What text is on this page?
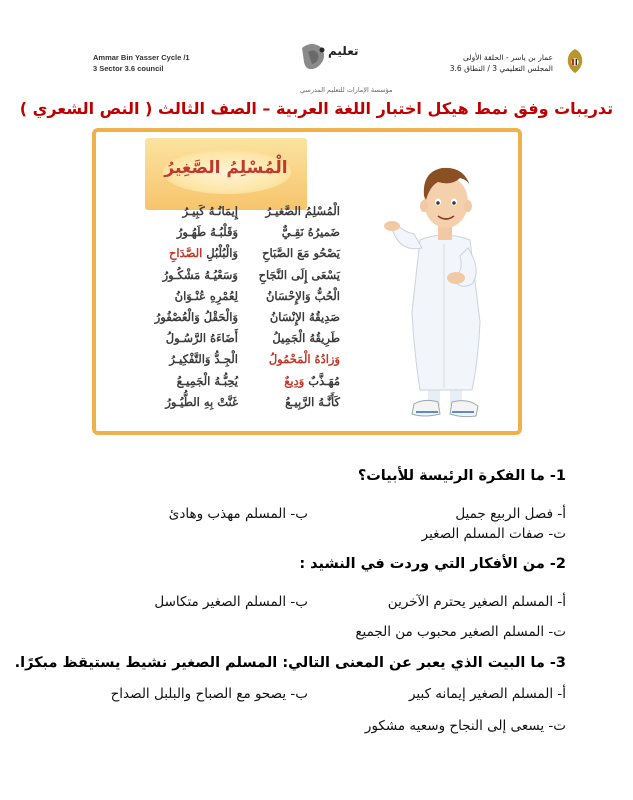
Ammar Bin Yasser Cycle /1
3 Sector 3.6 council
تعليم
مؤسسة الإمارات للتعليم المدرسي
عمار بن ياسر - الحلقة الأولى
المجلس التعليمي 3 / النطاق 3.6
تدريبات وفق نمط هيكل اختبار اللغة العربية – الصف الثالث ( النص الشعري )
الْمُسْلِمُ الصَّغِيرُ
الْمُسْلِمُ الصَّغيـرُ
إِيمَانُـهُ كَبِيـرُ
ضَميرُهُ نَقِـيٌّ
وَقَلْبُـهُ طَهُـورُ
يَصْحُو مَعَ الصَّبَاحِ
وَالْبُلْبُلِ الصَّدَاحِ
يَسْعَى إِلَى النَّجَاحِ
وَسَعْيُـهُ مَشْكُـورُ
الْحُبُّ وَالإِحْسَانُ
لِعُمْرِهِ عُنْـوَانُ
صَدِيقُهُ الإِنْسَانُ
وَالْحَقْلُ وَالْعُصْفُورُ
طَرِيقُهُ الْجَمِيلُ
أَضَاءَهُ الرَّسُـولُ
وَزادُهُ الْمَحْمُولُ
الْجِـدُّ وَالتَّفْكِيـرُ
مُهَـذَّبٌ وَدِيعٌ
يُحِبُّـهُ الْجَمِيـعُ
كَأَنَّـهُ الرَّبِيـعُ
غَنَّتْ بِهِ الطُّيُـورُ
1- ما الفكرة الرئيسة للأبيات؟
أ- فصل الربيع جميل
ب- المسلم مهذب وهادئ
ت- صفات المسلم الصغير
2- من الأفكار التي وردت في النشيد :
أ- المسلم الصغير يحترم الآخرين
ب- المسلم الصغير متكاسل
ت- المسلم الصغير محبوب من الجميع
3- ما البيت الذي يعبر عن المعنى التالي: المسلم الصغير نشيط يستيقظ مبكرًا.
أ- المسلم الصغير إيمانه كبير
ب- يصحو مع الصباح والبلبل الصداح
ت- يسعى إلى النجاح وسعيه مشكور
